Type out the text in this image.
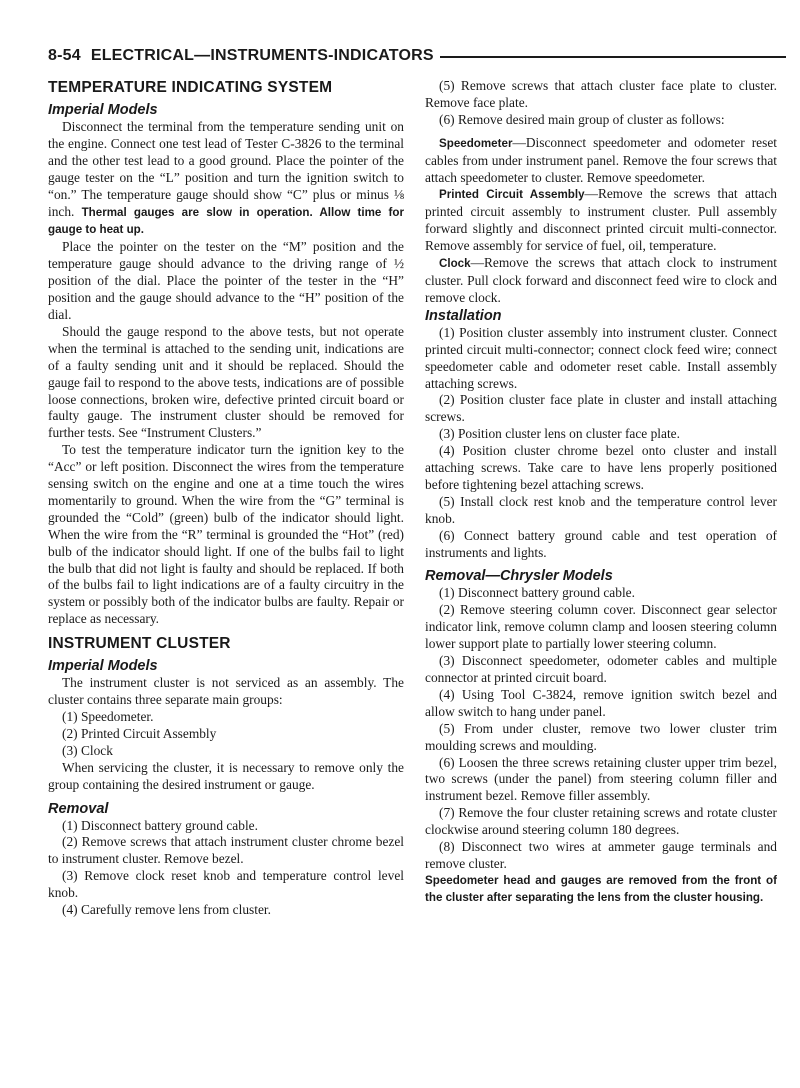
8-54 ELECTRICAL—INSTRUMENTS-INDICATORS
TEMPERATURE INDICATING SYSTEM
Imperial Models

Disconnect the terminal from the temperature sending unit on the engine. Connect one test lead of Tester C-3826 to the terminal and the other test lead to a good ground. Place the pointer of the gauge tester on the “L” position and turn the ignition switch to “on.” The temperature gauge should show “C” plus or minus ⅛ inch. Thermal gauges are slow in operation. Allow time for gauge to heat up.

Place the pointer on the tester on the “M” position and the temperature gauge should advance to the driving range of ½ position of the dial. Place the pointer of the tester in the “H” position and the gauge should advance to the “H” position of the dial.

Should the gauge respond to the above tests, but not operate when the terminal is attached to the sending unit, indications are of a faulty sending unit and it should be replaced. Should the gauge fail to respond to the above tests, indications are of possible loose connections, broken wire, defective printed circuit board or faulty gauge. The instrument cluster should be removed for further tests. See “Instrument Clusters.”

To test the temperature indicator turn the ignition key to the “Acc” or left position. Disconnect the wires from the temperature sensing switch on the engine and one at a time touch the wires momentarily to ground. When the wire from the “G” terminal is grounded the “Cold” (green) bulb of the indicator should light. When the wire from the “R” terminal is grounded the “Hot” (red) bulb of the indicator should light. If one of the bulbs fail to light the bulb that did not light is faulty and should be replaced. If both of the bulbs fail to light indications are of a faulty circuitry in the system or possibly both of the indicator bulbs are faulty. Repair or replace as necessary.

INSTRUMENT CLUSTER
Imperial Models

The instrument cluster is not serviced as an assembly. The cluster contains three separate main groups:

(1) Speedometer.
(2) Printed Circuit Assembly
(3) Clock

When servicing the cluster, it is necessary to remove only the group containing the desired instrument or gauge.

Removal
(1) Disconnect battery ground cable.
(2) Remove screws that attach instrument cluster chrome bezel to instrument cluster. Remove bezel.
(3) Remove clock reset knob and temperature control level knob.
(4) Carefully remove lens from cluster.
(5) Remove screws that attach cluster face plate to cluster. Remove face plate.
(6) Remove desired main group of cluster as follows:

Speedometer—Disconnect speedometer and odometer reset cables from under instrument panel. Remove the four screws that attach speedometer to cluster. Remove speedometer.

Printed Circuit Assembly—Remove the screws that attach printed circuit assembly to instrument cluster. Pull assembly forward slightly and disconnect printed circuit multi-connector. Remove assembly for service of fuel, oil, temperature.

Clock—Remove the screws that attach clock to instrument cluster. Pull clock forward and disconnect feed wire to clock and remove clock.

Installation
(1) Position cluster assembly into instrument cluster. Connect printed circuit multi-connector; connect clock feed wire; connect speedometer cable and odometer reset cable. Install assembly attaching screws.
(2) Position cluster face plate in cluster and install attaching screws.
(3) Position cluster lens on cluster face plate.
(4) Position cluster chrome bezel onto cluster and install attaching screws. Take care to have lens properly positioned before tightening bezel attaching screws.
(5) Install clock rest knob and the temperature control lever knob.
(6) Connect battery ground cable and test operation of instruments and lights.
Removal—Chrysler Models
(1) Disconnect battery ground cable.
(2) Remove steering column cover. Disconnect gear selector indicator link, remove column clamp and loosen steering column lower support plate to partially lower steering column.
(3) Disconnect speedometer, odometer cables and multiple connector at printed circuit board.
(4) Using Tool C-3824, remove ignition switch bezel and allow switch to hang under panel.
(5) From under cluster, remove two lower cluster trim moulding screws and moulding.
(6) Loosen the three screws retaining cluster upper trim bezel, two screws (under the panel) from steering column filler and instrument bezel. Remove filler assembly.
(7) Remove the four cluster retaining screws and rotate cluster clockwise around steering column 180 degrees.
(8) Disconnect two wires at ammeter gauge terminals and remove cluster.

Speedometer head and gauges are removed from the front of the cluster after separating the lens from the cluster housing.
